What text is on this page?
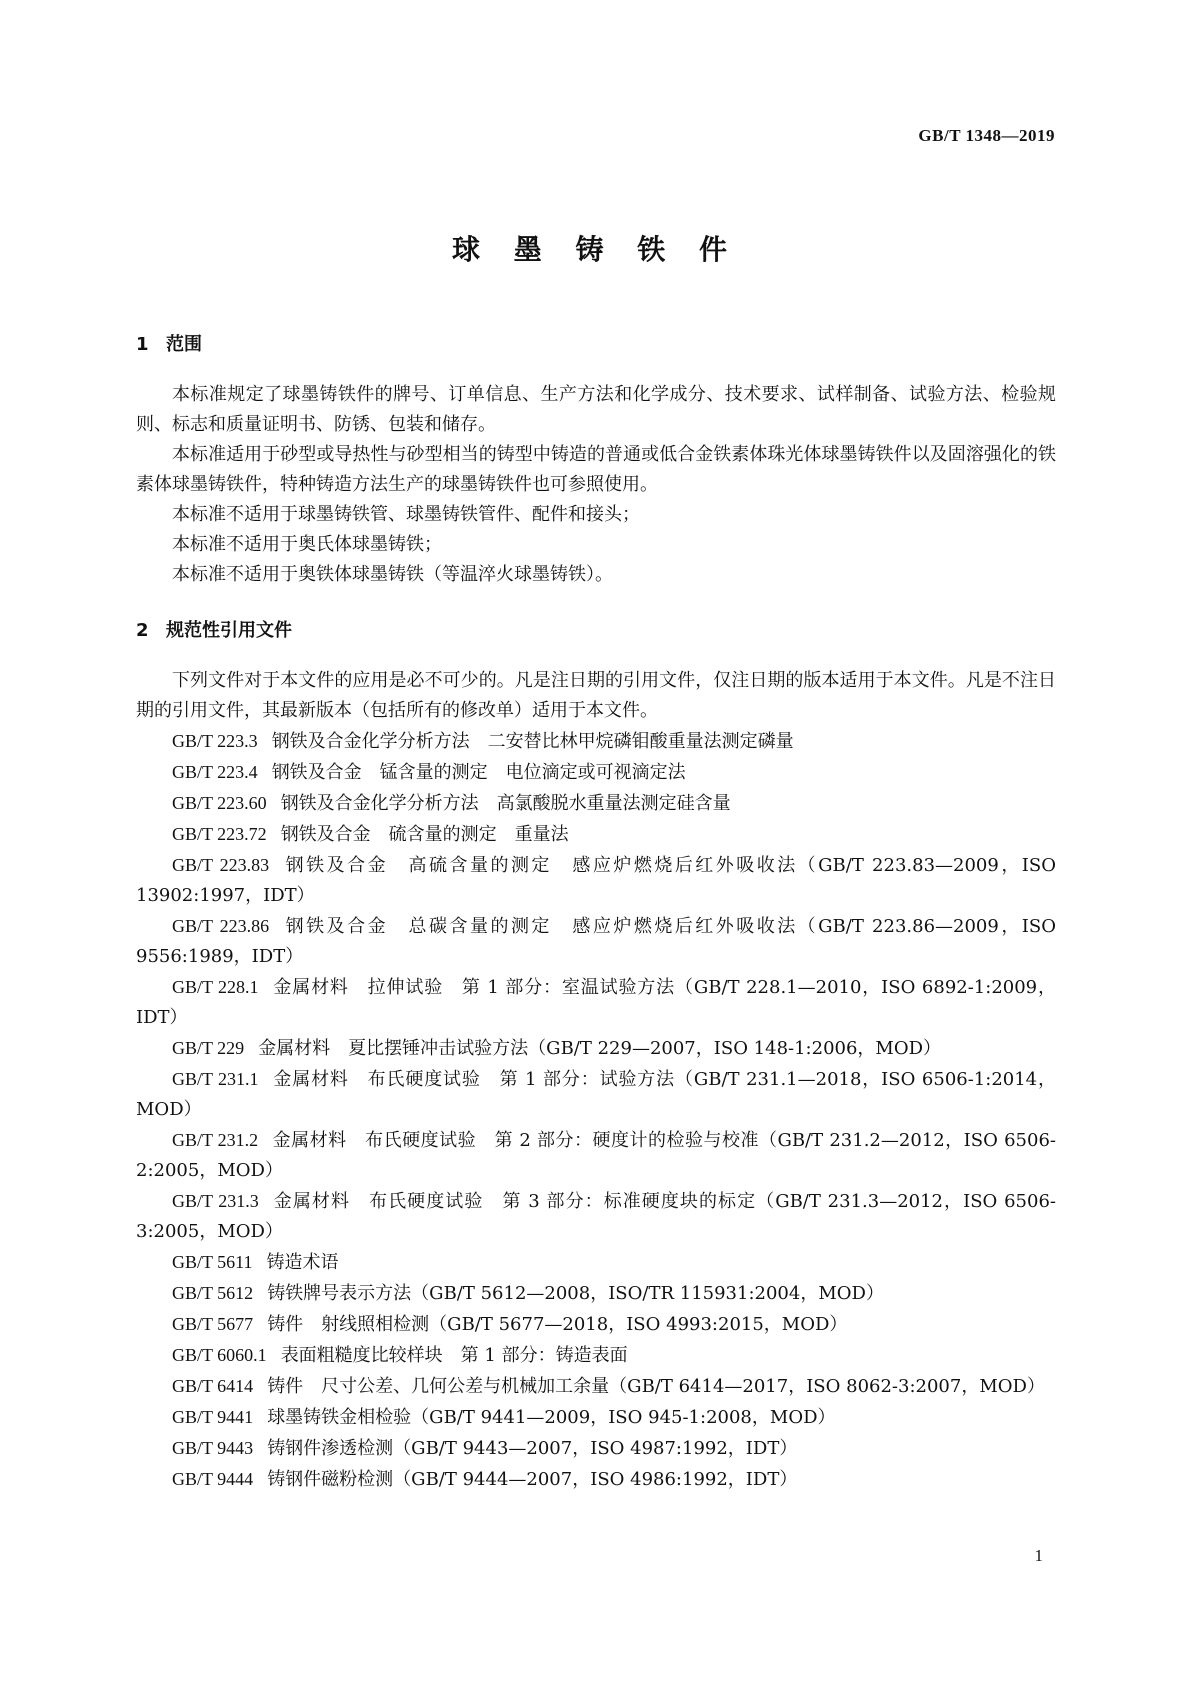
GB/T 1348—2019
球 墨 铸 铁 件
1 范围

本标准规定了球墨铸铁件的牌号、订单信息、生产方法和化学成分、技术要求、试样制备、试验方法、检验规则、标志和质量证明书、防锈、包装和储存。

本标准适用于砂型或导热性与砂型相当的铸型中铸造的普通或低合金铁素体珠光体球墨铸铁件以及固溶强化的铁素体球墨铸铁件，特种铸造方法生产的球墨铸铁件也可参照使用。

本标准不适用于球墨铸铁管、球墨铸铁管件、配件和接头；

本标准不适用于奥氏体球墨铸铁；

本标准不适用于奥铁体球墨铸铁（等温淬火球墨铸铁）。

2 规范性引用文件

下列文件对于本文件的应用是必不可少的。凡是注日期的引用文件，仅注日期的版本适用于本文件。凡是不注日期的引用文件，其最新版本（包括所有的修改单）适用于本文件。

GB/T 223.3 钢铁及合金化学分析方法　二安替比林甲烷磷钼酸重量法测定磷量
GB/T 223.4 钢铁及合金　锰含量的测定　电位滴定或可视滴定法
GB/T 223.60 钢铁及合金化学分析方法　高氯酸脱水重量法测定硅含量
GB/T 223.72 钢铁及合金　硫含量的测定　重量法
GB/T 223.83 钢铁及合金　高硫含量的测定　感应炉燃烧后红外吸收法（GB/T 223.83—2009，ISO 13902:1997，IDT）
GB/T 223.86 钢铁及合金　总碳含量的测定　感应炉燃烧后红外吸收法（GB/T 223.86—2009，ISO 9556:1989，IDT）
GB/T 228.1 金属材料　拉伸试验　第 1 部分：室温试验方法（GB/T 228.1—2010，ISO 6892-1:2009，IDT）
GB/T 229 金属材料　夏比摆锤冲击试验方法（GB/T 229—2007，ISO 148-1:2006，MOD）
GB/T 231.1 金属材料　布氏硬度试验　第 1 部分：试验方法（GB/T 231.1—2018，ISO 6506-1:2014，MOD）
GB/T 231.2 金属材料　布氏硬度试验　第 2 部分：硬度计的检验与校准（GB/T 231.2—2012，ISO 6506-2:2005，MOD）
GB/T 231.3 金属材料　布氏硬度试验　第 3 部分：标准硬度块的标定（GB/T 231.3—2012，ISO 6506-3:2005，MOD）
GB/T 5611 铸造术语
GB/T 5612 铸铁牌号表示方法（GB/T 5612—2008，ISO/TR 115931:2004，MOD）
GB/T 5677 铸件　射线照相检测（GB/T 5677—2018，ISO 4993:2015，MOD）
GB/T 6060.1 表面粗糙度比较样块　第 1 部分：铸造表面
GB/T 6414 铸件　尺寸公差、几何公差与机械加工余量（GB/T 6414—2017，ISO 8062-3:2007，MOD）
GB/T 9441 球墨铸铁金相检验（GB/T 9441—2009，ISO 945-1:2008，MOD）
GB/T 9443 铸钢件渗透检测（GB/T 9443—2007，ISO 4987:1992，IDT）
GB/T 9444 铸钢件磁粉检测（GB/T 9444—2007，ISO 4986:1992，IDT）
1
